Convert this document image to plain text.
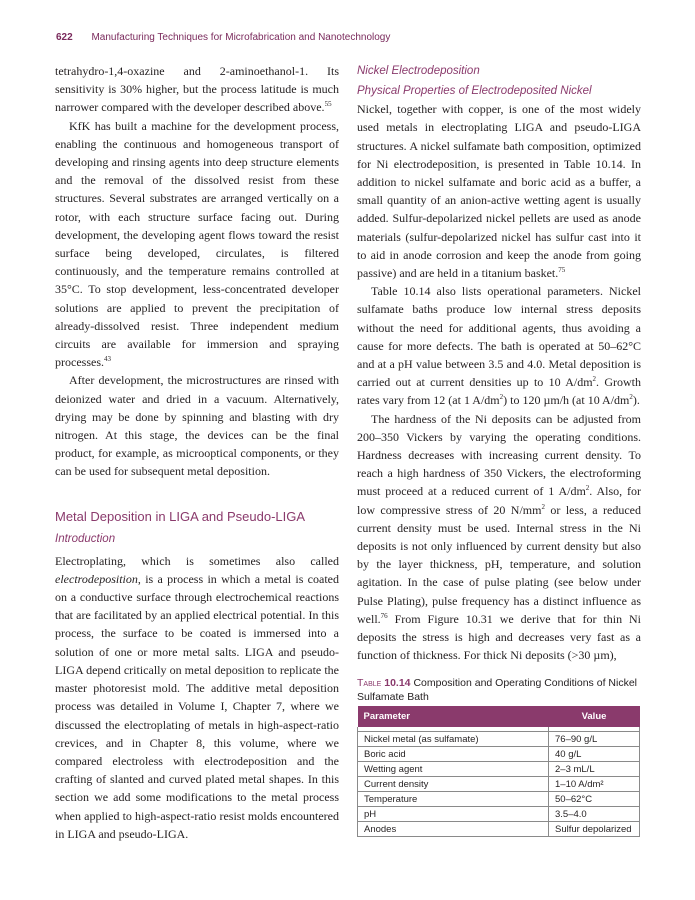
622 Manufacturing Techniques for Microfabrication and Nanotechnology

tetrahydro-1,4-oxazine and 2-aminoethanol-1. Its sensitivity is 30% higher, but the process latitude is much narrower compared with the developer described above.$^{55}$

KfK has built a machine for the development process, enabling the continuous and homogeneous transport of developing and rinsing agents into deep structure elements and the removal of the dissolved resist from these structures. Several substrates are arranged vertically on a rotor, with each structure surface facing out. During development, the developing agent flows toward the resist surface being developed, circulates, is filtered continuously, and the temperature remains controlled at 35°C. To stop development, less-concentrated developer solutions are applied to prevent the precipitation of already-dissolved resist. Three independent medium circuits are available for immersion and spraying processes.$^{43}$

After development, the microstructures are rinsed with deionized water and dried in a vacuum. Alternatively, drying may be done by spinning and blasting with dry nitrogen. At this stage, the devices can be the final product, for example, as microoptical components, or they can be used for subsequent metal deposition.

Metal Deposition in LIGA and Pseudo-LIGA
Introduction

Electroplating, which is sometimes also called electrodeposition, is a process in which a metal is coated on a conductive surface through electrochemical reactions that are facilitated by an applied electrical potential. In this process, the surface to be coated is immersed into a solution of one or more metal salts. LIGA and pseudo-LIGA depend critically on metal deposition to replicate the master photoresist mold. The additive metal deposition process was detailed in Volume I, Chapter 7, where we discussed the electroplating of metals in high-aspect-ratio crevices, and in Chapter 8, this volume, where we compared electroless with electrodeposition and the crafting of slanted and curved plated metal shapes. In this section we add some modifications to the metal process when applied to high-aspect-ratio resist molds encountered in LIGA and pseudo-LIGA.

Nickel Electrodeposition
Physical Properties of Electrodeposited Nickel

Nickel, together with copper, is one of the most widely used metals in electroplating LIGA and pseudo-LIGA structures. A nickel sulfamate bath composition, optimized for Ni electrodeposition, is presented in Table 10.14. In addition to nickel sulfamate and boric acid as a buffer, a small quantity of an anion-active wetting agent is usually added. Sulfur-depolarized nickel pellets are used as anode materials (sulfur-depolarized nickel has sulfur cast into it to aid in anode corrosion and keep the anode from going passive) and are held in a titanium basket.$^{75}$

Table 10.14 also lists operational parameters. Nickel sulfamate baths produce low internal stress deposits without the need for additional agents, thus avoiding a cause for more defects. The bath is operated at 50–62°C and at a pH value between 3.5 and 4.0. Metal deposition is carried out at current densities up to 10 $A/dm^2$. Growth rates vary from 12 (at 1 $A/dm^2$) to 120 µm/h (at 10 $A/dm^2$).

The hardness of the Ni deposits can be adjusted from 200–350 Vickers by varying the operating conditions. Hardness decreases with increasing current density. To reach a high hardness of 350 Vickers, the electroforming must proceed at a reduced current of 1 $A/dm^2$. Also, for low compressive stress of 20 $N/mm^2$ or less, a reduced current density must be used. Internal stress in the Ni deposits is not only influenced by current density but also by the layer thickness, pH, temperature, and solution agitation. In the case of pulse plating (see below under Pulse Plating), pulse frequency has a distinct influence as well.$^{76}$ From Figure 10.31 we derive that for thin Ni deposits the stress is high and decreases very fast as a function of thickness. For thick Ni deposits (>30 µm),

Table 10.14 Composition and Operating Conditions of Nickel Sulfamate Bath
Parameter	Value

Nickel metal (as sulfamate)	76–90 g/L
Boric acid	40 g/L
Wetting agent	2–3 mL/L
Current density	1–10 A/dm²
Temperature	50–62°C
pH	3.5–4.0
Anodes	Sulfur depolarized
